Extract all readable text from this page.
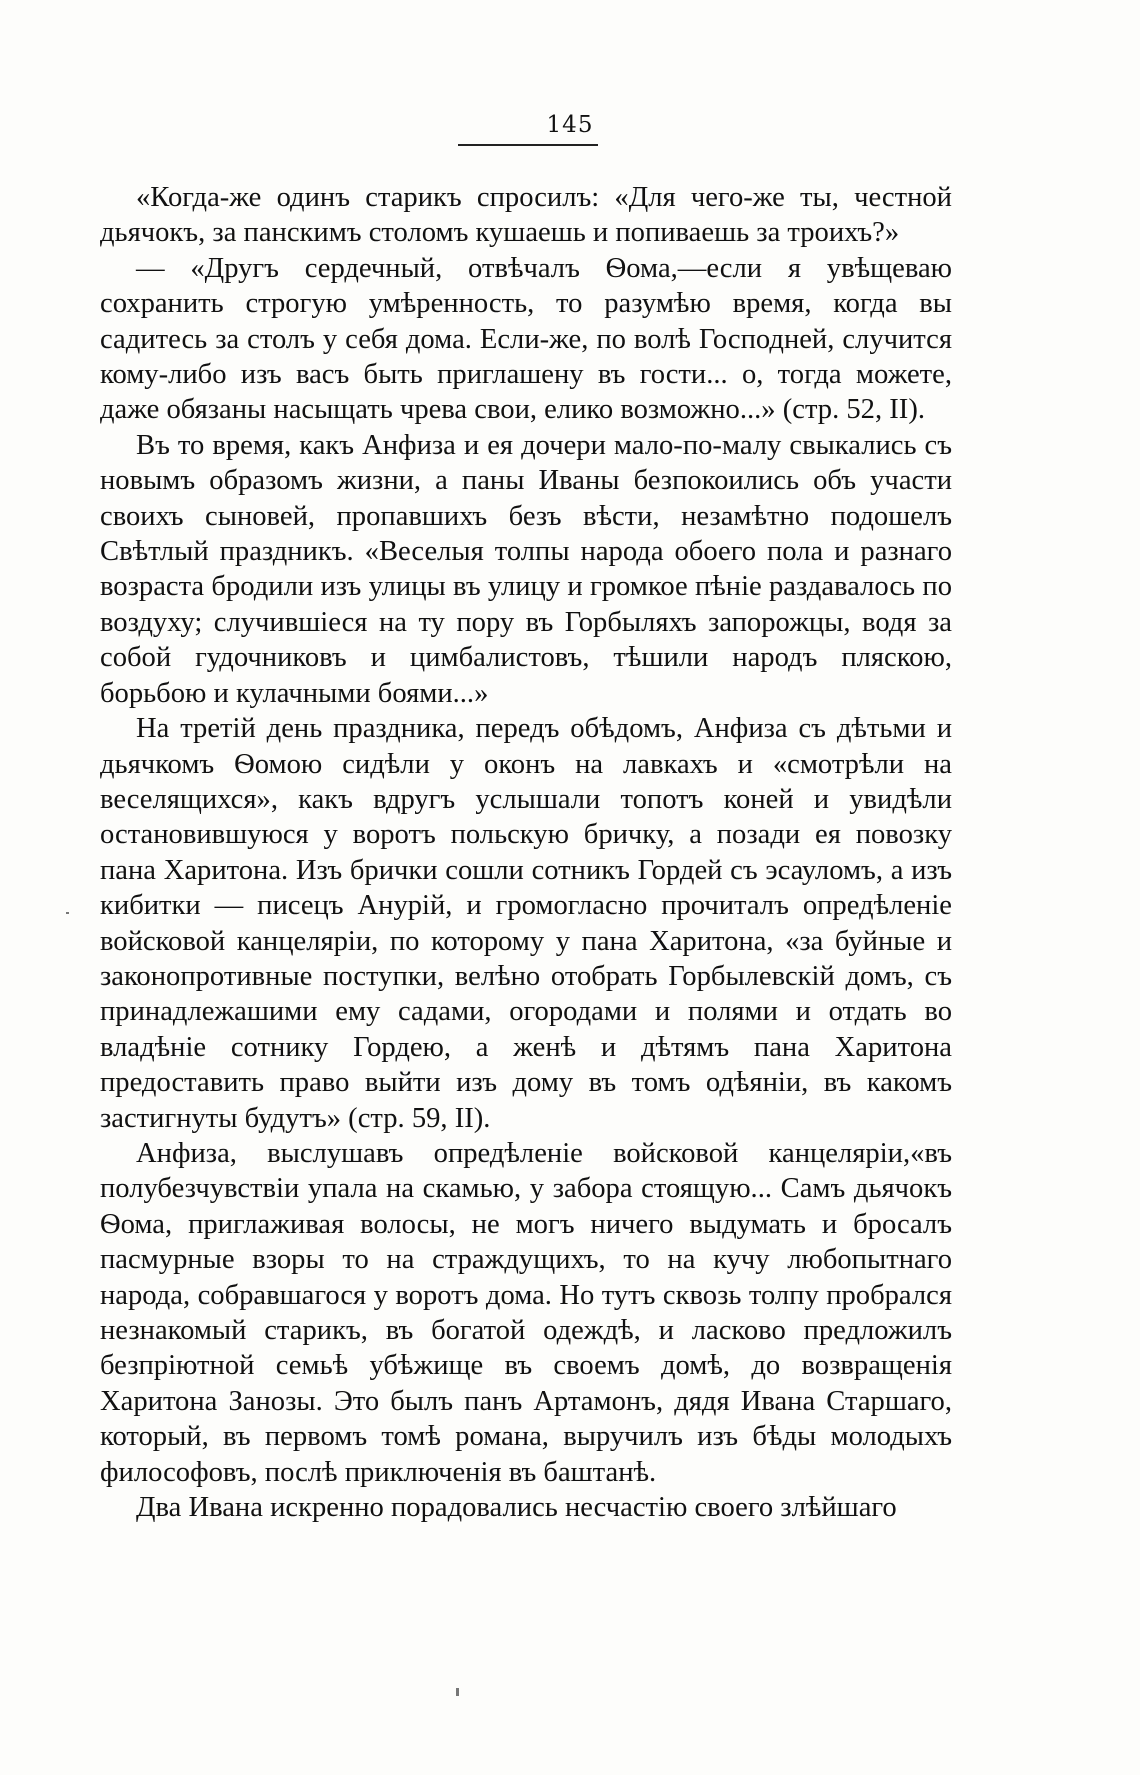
145

«Когда-же одинъ старикъ спросилъ: «Для чего-же ты, честной дьячокъ, за панскимъ столомъ кушаешь и попиваешь за троихъ?»

— «Другъ сердечный, отвѣчалъ Ѳома,—если я увѣщеваю сохранить строгую умѣренность, то разумѣю время, когда вы садитесь за столъ у себя дома. Если-же, по волѣ Господней, случится кому-либо изъ васъ быть приглашену въ гости... о, тогда можете, даже обязаны насыщать чрева свои, елико возможно...» (стр. 52, II).

Въ то время, какъ Анфиза и ея дочери мало-по-малу свыкались съ новымъ образомъ жизни, а паны Иваны безпокоились объ участи своихъ сыновей, пропавшихъ безъ вѣсти, незамѣтно подошелъ Свѣтлый праздникъ. «Веселыя толпы народа обоего пола и разнаго возраста бродили изъ улицы въ улицу и громкое пѣніе раздавалось по воздуху; случившіеся на ту пору въ Горбыляхъ запорожцы, водя за собой гудочниковъ и цимбалистовъ, тѣшили народъ пляскою, борьбою и кулачными боями...»

На третій день праздника, передъ обѣдомъ, Анфиза съ дѣтьми и дьячкомъ Ѳомою сидѣли у оконъ на лавкахъ и «смотрѣли на веселящихся», какъ вдругъ услышали топотъ коней и увидѣли остановившуюся у воротъ польскую бричку, а позади ея повозку пана Харитона. Изъ брички сошли сотникъ Гордей съ эсауломъ, а изъ кибитки — писецъ Анурій, и громогласно прочиталъ опредѣленіе войсковой канцеляріи, по которому у пана Харитона, «за буйные и законопротивные поступки, велѣно отобрать Горбылевскій домъ, съ принадлежашими ему садами, огородами и полями и отдать во владѣніе сотнику Гордею, а женѣ и дѣтямъ пана Харитона предоставить право выйти изъ дому въ томъ одѣяніи, въ какомъ застигнуты будутъ» (стр. 59, II).

Анфиза, выслушавъ опредѣленіе войсковой канцеляріи,«въ полубезчувствіи упала на скамью, у забора стоящую... Самъ дьячокъ Ѳома, приглаживая волосы, не могъ ничего выдумать и бросалъ пасмурные взоры то на страждущихъ, то на кучу любопытнаго народа, собравшагося у воротъ дома. Но тутъ сквозь толпу пробрался незнакомый старикъ, въ богатой одеждѣ, и ласково предложилъ безпріютной семьѣ убѣжище въ своемъ домѣ, до возвращенія Харитона Занозы. Это былъ панъ Артамонъ, дядя Ивана Старшаго, который, въ первомъ томѣ романа, выручилъ изъ бѣды молодыхъ философовъ, послѣ приключенія въ баштанѣ.

Два Ивана искренно порадовались несчастію своего злѣйшаго
